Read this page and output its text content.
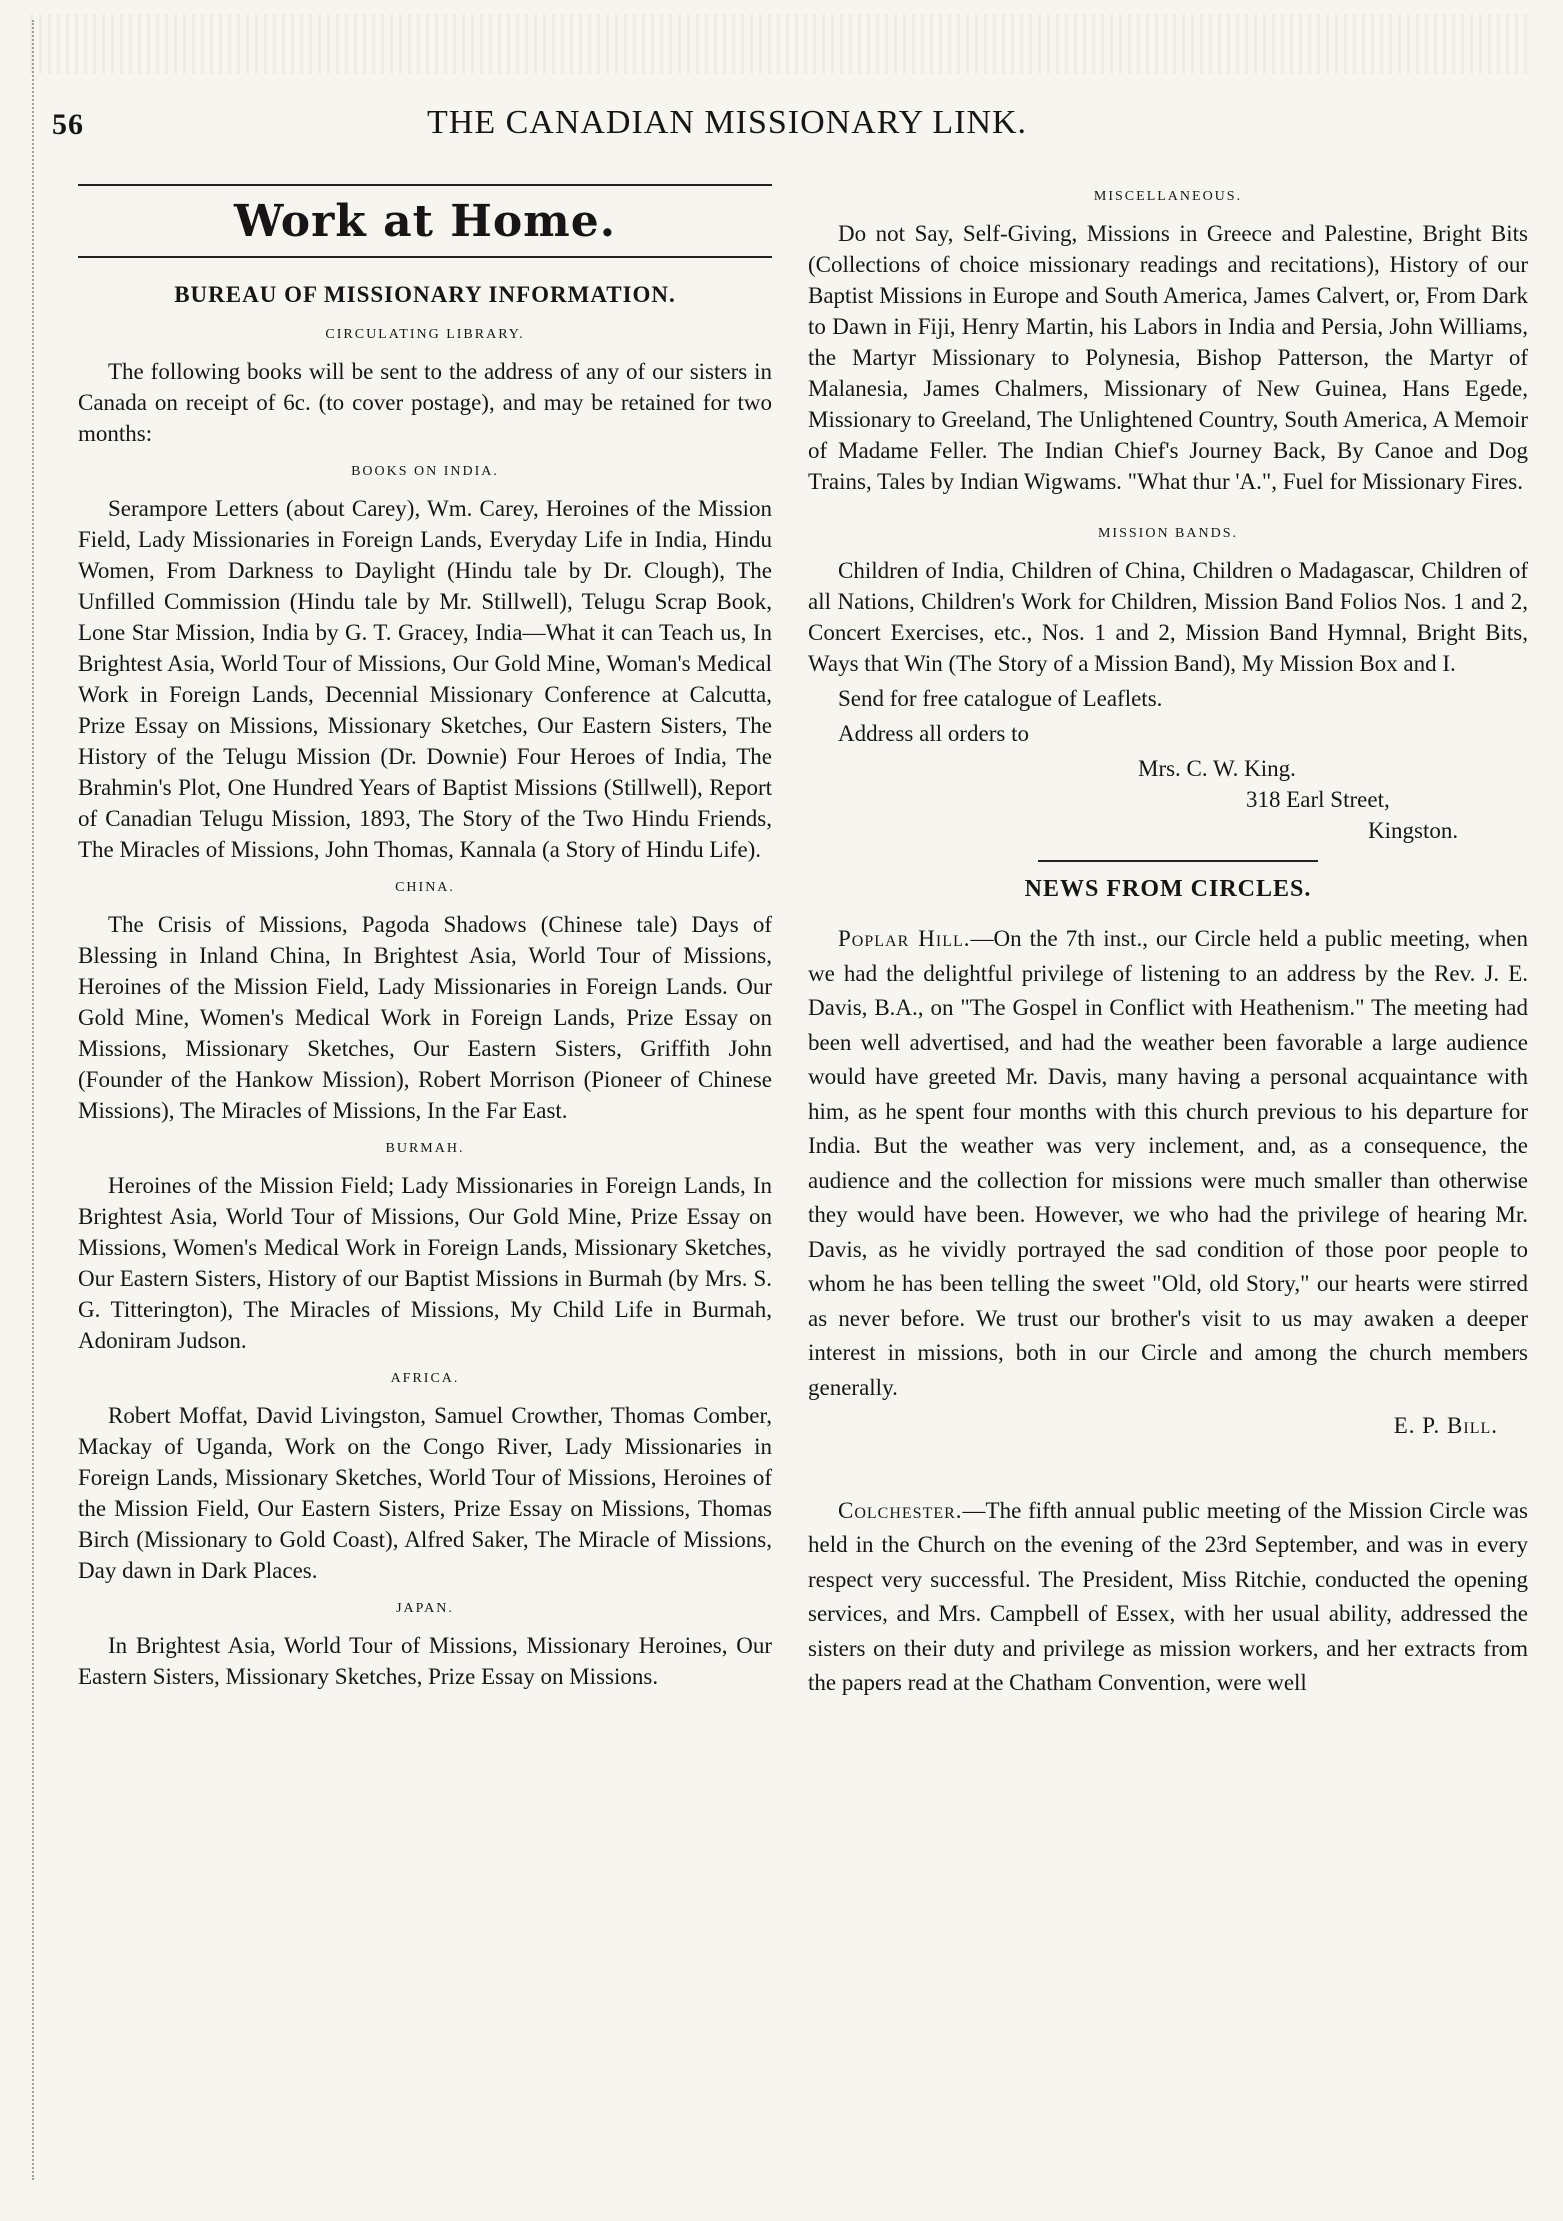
56	THE CANADIAN MISSIONARY LINK.
Work at Home.
BUREAU OF MISSIONARY INFORMATION.
CIRCULATING LIBRARY.

The following books will be sent to the address of any of our sisters in Canada on receipt of 6c. (to cover postage), and may be retained for two months:

BOOKS ON INDIA.

Serampore Letters (about Carey), Wm. Carey, Heroines of the Mission Field, Lady Missionaries in Foreign Lands, Everyday Life in India, Hindu Women, From Darkness to Daylight (Hindu tale by Dr. Clough), The Unfilled Commission (Hindu tale by Mr. Stillwell), Telugu Scrap Book, Lone Star Mission, India by G. T. Gracey, India—What it can Teach us, In Brightest Asia, World Tour of Missions, Our Gold Mine, Woman's Medical Work in Foreign Lands, Decennial Missionary Conference at Calcutta, Prize Essay on Missions, Missionary Sketches, Our Eastern Sisters, The History of the Telugu Mission (Dr. Downie) Four Heroes of India, The Brahmin's Plot, One Hundred Years of Baptist Missions (Stillwell), Report of Canadian Telugu Mission, 1893, The Story of the Two Hindu Friends, The Miracles of Missions, John Thomas, Kannala (a Story of Hindu Life).

CHINA.

The Crisis of Missions, Pagoda Shadows (Chinese tale) Days of Blessing in Inland China, In Brightest Asia, World Tour of Missions, Heroines of the Mission Field, Lady Missionaries in Foreign Lands. Our Gold Mine, Women's Medical Work in Foreign Lands, Prize Essay on Missions, Missionary Sketches, Our Eastern Sisters, Griffith John (Founder of the Hankow Mission), Robert Morrison (Pioneer of Chinese Missions), The Miracles of Missions, In the Far East.

BURMAH.

Heroines of the Mission Field; Lady Missionaries in Foreign Lands, In Brightest Asia, World Tour of Missions, Our Gold Mine, Prize Essay on Missions, Women's Medical Work in Foreign Lands, Missionary Sketches, Our Eastern Sisters, History of our Baptist Missions in Burmah (by Mrs. S. G. Titterington), The Miracles of Missions, My Child Life in Burmah, Adoniram Judson.

AFRICA.

Robert Moffat, David Livingston, Samuel Crowther, Thomas Comber, Mackay of Uganda, Work on the Congo River, Lady Missionaries in Foreign Lands, Missionary Sketches, World Tour of Missions, Heroines of the Mission Field, Our Eastern Sisters, Prize Essay on Missions, Thomas Birch (Missionary to Gold Coast), Alfred Saker, The Miracle of Missions, Day dawn in Dark Places.

JAPAN.

In Brightest Asia, World Tour of Missions, Missionary Heroines, Our Eastern Sisters, Missionary Sketches, Prize Essay on Missions.

MISCELLANEOUS.

Do not Say, Self-Giving, Missions in Greece and Palestine, Bright Bits (Collections of choice missionary readings and recitations), History of our Baptist Missions in Europe and South America, James Calvert, or, From Dark to Dawn in Fiji, Henry Martin, his Labors in India and Persia, John Williams, the Martyr Missionary to Polynesia, Bishop Patterson, the Martyr of Malanesia, James Chalmers, Missionary of New Guinea, Hans Egede, Missionary to Greeland, The Unlightened Country, South America, A Memoir of Madame Feller. The Indian Chief's Journey Back, By Canoe and Dog Trains, Tales by Indian Wigwams. "What thur 'A.", Fuel for Missionary Fires.

MISSION BANDS.

Children of India, Children of China, Children o Madagascar, Children of all Nations, Children's Work for Children, Mission Band Folios Nos. 1 and 2, Concert Exercises, etc., Nos. 1 and 2, Mission Band Hymnal, Bright Bits, Ways that Win (The Story of a Mission Band), My Mission Box and I.

Send for free catalogue of Leaflets.

Address all orders to

Mrs. C. W. King.
318 Earl Street,
Kingston.
NEWS FROM CIRCLES.

Poplar Hill.—On the 7th inst., our Circle held a public meeting, when we had the delightful privilege of listening to an address by the Rev. J. E. Davis, B.A., on "The Gospel in Conflict with Heathenism." The meeting had been well advertised, and had the weather been favorable a large audience would have greeted Mr. Davis, many having a personal acquaintance with him, as he spent four months with this church previous to his departure for India. But the weather was very inclement, and, as a consequence, the audience and the collection for missions were much smaller than otherwise they would have been. However, we who had the privilege of hearing Mr. Davis, as he vividly portrayed the sad condition of those poor people to whom he has been telling the sweet "Old, old Story," our hearts were stirred as never before. We trust our brother's visit to us may awaken a deeper interest in missions, both in our Circle and among the church members generally.

E. P. Bill.

Colchester.—The fifth annual public meeting of the Mission Circle was held in the Church on the evening of the 23rd September, and was in every respect very successful. The President, Miss Ritchie, conducted the opening services, and Mrs. Campbell of Essex, with her usual ability, addressed the sisters on their duty and privilege as mission workers, and her extracts from the papers read at the Chatham Convention, were well
